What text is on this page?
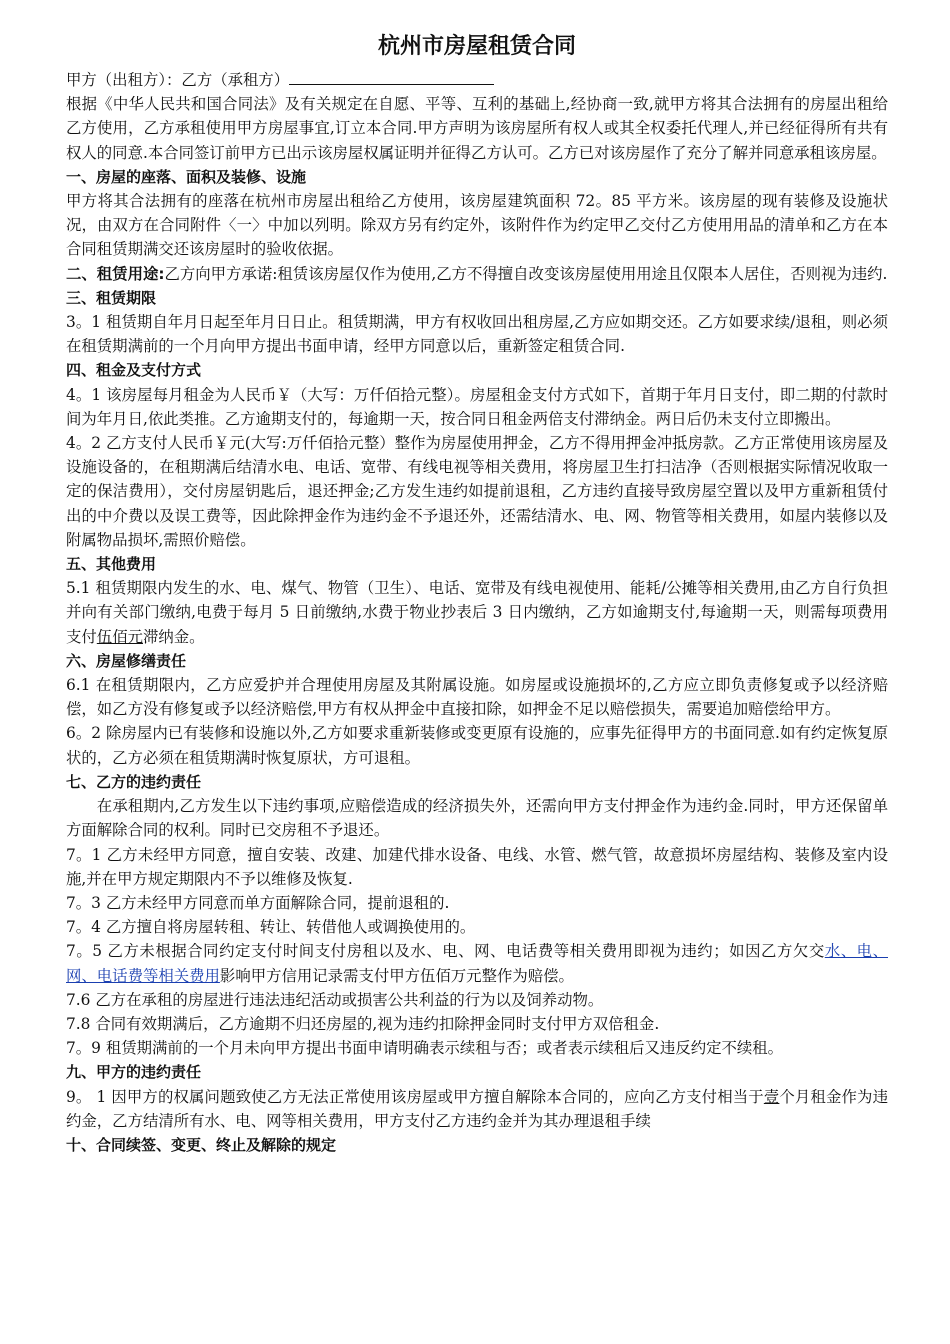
杭州市房屋租赁合同

甲方（出租方）：乙方（承租方）

根据《中华人民共和国合同法》及有关规定在自愿、平等、互利的基础上,经协商一致,就甲方将其合法拥有的房屋出租给乙方使用，乙方承租使用甲方房屋事宜,订立本合同.甲方声明为该房屋所有权人或其全权委托代理人,并已经征得所有共有权人的同意.本合同签订前甲方已出示该房屋权属证明并征得乙方认可。乙方已对该房屋作了充分了解并同意承租该房屋。

一、房屋的座落、面积及装修、设施

甲方将其合法拥有的座落在杭州市房屋出租给乙方使用，该房屋建筑面积 72。85 平方米。该房屋的现有装修及设施状况，由双方在合同附件〈一〉中加以列明。除双方另有约定外，该附件作为约定甲乙交付乙方使用用品的清单和乙方在本合同租赁期满交还该房屋时的验收依据。

二、租赁用途:乙方向甲方承诺:租赁该房屋仅作为使用,乙方不得擅自改变该房屋使用用途且仅限本人居住，否则视为违约.

三、租赁期限

3。1 租赁期自年月日起至年月日日止。租赁期满，甲方有权收回出租房屋,乙方应如期交还。乙方如要求续/退租，则必须在租赁期满前的一个月向甲方提出书面申请，经甲方同意以后，重新签定租赁合同.

四、租金及支付方式

4。1 该房屋每月租金为人民币￥（大写：万仟佰拾元整）。房屋租金支付方式如下，首期于年月日支付，即二期的付款时间为年月日,依此类推。乙方逾期支付的，每逾期一天，按合同日租金两倍支付滞纳金。两日后仍未支付立即搬出。

4。2 乙方支付人民币￥元(大写:万仟佰拾元整）整作为房屋使用押金，乙方不得用押金冲抵房款。乙方正常使用该房屋及设施设备的，在租期满后结清水电、电话、宽带、有线电视等相关费用，将房屋卫生打扫洁净（否则根据实际情况收取一定的保洁费用），交付房屋钥匙后，退还押金;乙方发生违约如提前退租，乙方违约直接导致房屋空置以及甲方重新租赁付出的中介费以及误工费等，因此除押金作为违约金不予退还外，还需结清水、电、网、物管等相关费用，如屋内装修以及附属物品损坏,需照价赔偿。

五、其他费用

5.1 租赁期限内发生的水、电、煤气、物管（卫生）、电话、宽带及有线电视使用、能耗/公摊等相关费用,由乙方自行负担并向有关部门缴纳,电费于每月 5 日前缴纳,水费于物业抄表后 3 日内缴纳，乙方如逾期支付,每逾期一天，则需每项费用支付伍佰元滞纳金。

六、房屋修缮责任

6.1 在租赁期限内，乙方应爱护并合理使用房屋及其附属设施。如房屋或设施损坏的,乙方应立即负责修复或予以经济赔偿，如乙方没有修复或予以经济赔偿,甲方有权从押金中直接扣除，如押金不足以赔偿损失，需要追加赔偿给甲方。

6。2 除房屋内已有装修和设施以外,乙方如要求重新装修或变更原有设施的，应事先征得甲方的书面同意.如有约定恢复原状的，乙方必须在租赁期满时恢复原状，方可退租。

七、乙方的违约责任

在承租期内,乙方发生以下违约事项,应赔偿造成的经济损失外，还需向甲方支付押金作为违约金.同时，甲方还保留单方面解除合同的权利。同时已交房租不予退还。

7。1 乙方未经甲方同意，擅自安装、改建、加建代排水设备、电线、水管、燃气管，故意损坏房屋结构、装修及室内设施,并在甲方规定期限内不予以维修及恢复.

7。3 乙方未经甲方同意而单方面解除合同，提前退租的.

7。4 乙方擅自将房屋转租、转让、转借他人或调换使用的。

7。5 乙方未根据合同约定支付时间支付房租以及水、电、网、电话费等相关费用即视为违约；如因乙方欠交水、电、网、电话费等相关费用影响甲方信用记录需支付甲方伍佰万元整作为赔偿。

7.6 乙方在承租的房屋进行违法违纪活动或损害公共利益的行为以及饲养动物。

7.8 合同有效期满后，乙方逾期不归还房屋的,视为违约扣除押金同时支付甲方双倍租金.

7。9 租赁期满前的一个月未向甲方提出书面申请明确表示续租与否；或者表示续租后又违反约定不续租。

九、甲方的违约责任

9。 1 因甲方的权属问题致使乙方无法正常使用该房屋或甲方擅自解除本合同的，应向乙方支付相当于壹个月租金作为违约金，乙方结清所有水、电、网等相关费用，甲方支付乙方违约金并为其办理退租手续

十、合同续签、变更、终止及解除的规定
